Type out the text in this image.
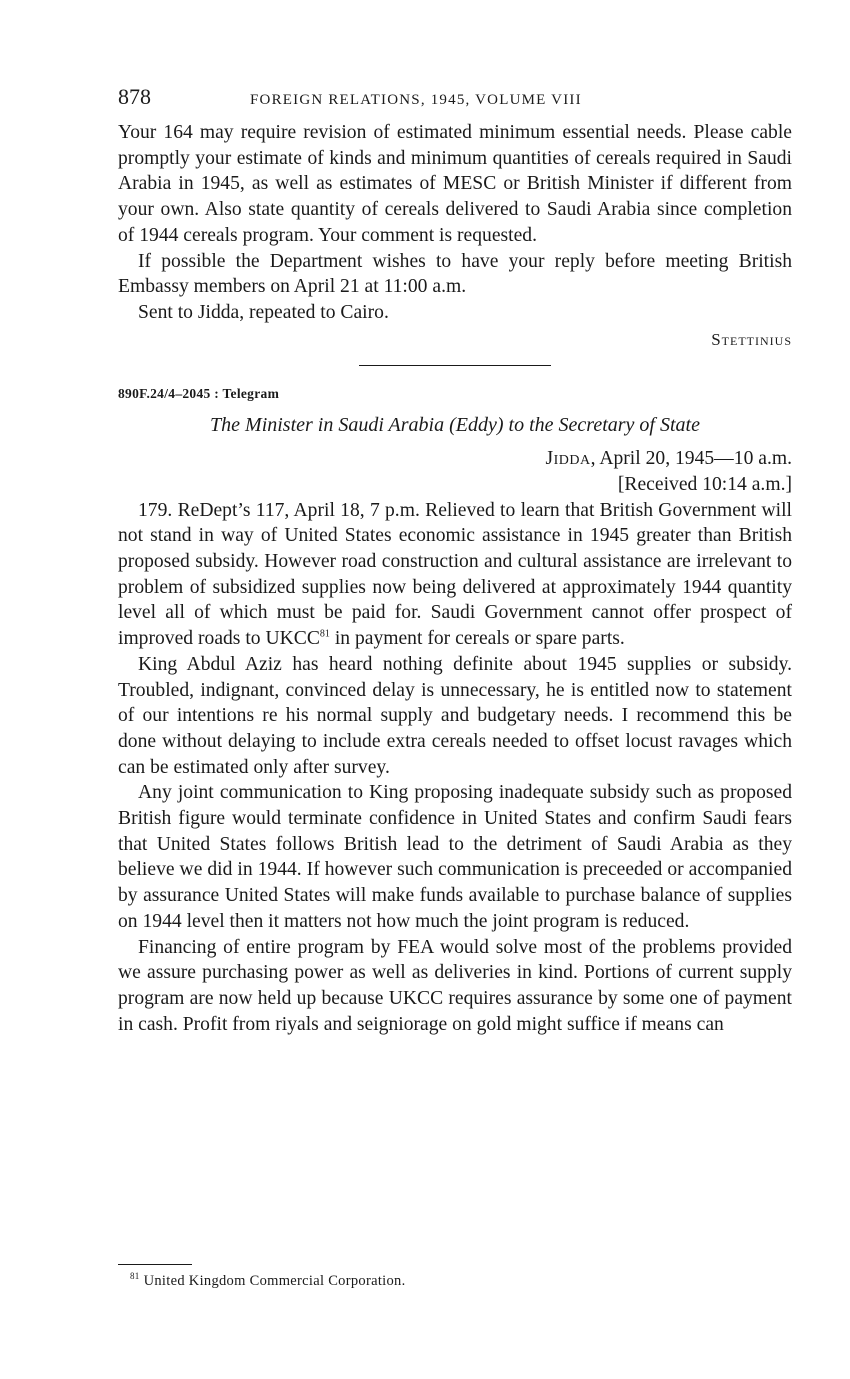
878	FOREIGN RELATIONS, 1945, VOLUME VIII

Your 164 may require revision of estimated minimum essential needs. Please cable promptly your estimate of kinds and minimum quantities of cereals required in Saudi Arabia in 1945, as well as estimates of MESC or British Minister if different from your own. Also state quantity of cereals delivered to Saudi Arabia since completion of 1944 cereals program. Your comment is requested.

If possible the Department wishes to have your reply before meeting British Embassy members on April 21 at 11:00 a.m.

Sent to Jidda, repeated to Cairo.

Stettinius
890F.24/4–2045 : Telegram
The Minister in Saudi Arabia (Eddy) to the Secretary of State
Jidda, April 20, 1945—10 a.m.
[Received 10:14 a.m.]

179. ReDept’s 117, April 18, 7 p.m. Relieved to learn that British Government will not stand in way of United States economic assistance in 1945 greater than British proposed subsidy. However road construction and cultural assistance are irrelevant to problem of subsidized supplies now being delivered at approximately 1944 quantity level all of which must be paid for. Saudi Government cannot offer prospect of improved roads to UKCC$^{81}$ in payment for cereals or spare parts.

King Abdul Aziz has heard nothing definite about 1945 supplies or subsidy. Troubled, indignant, convinced delay is unnecessary, he is entitled now to statement of our intentions re his normal supply and budgetary needs. I recommend this be done without delaying to include extra cereals needed to offset locust ravages which can be estimated only after survey.

Any joint communication to King proposing inadequate subsidy such as proposed British figure would terminate confidence in United States and confirm Saudi fears that United States follows British lead to the detriment of Saudi Arabia as they believe we did in 1944. If however such communication is preceeded or accompanied by assurance United States will make funds available to purchase balance of supplies on 1944 level then it matters not how much the joint program is reduced.

Financing of entire program by FEA would solve most of the problems provided we assure purchasing power as well as deliveries in kind. Portions of current supply program are now held up because UKCC requires assurance by some one of payment in cash. Profit from riyals and seigniorage on gold might suffice if means can

$^{81}$ United Kingdom Commercial Corporation.
